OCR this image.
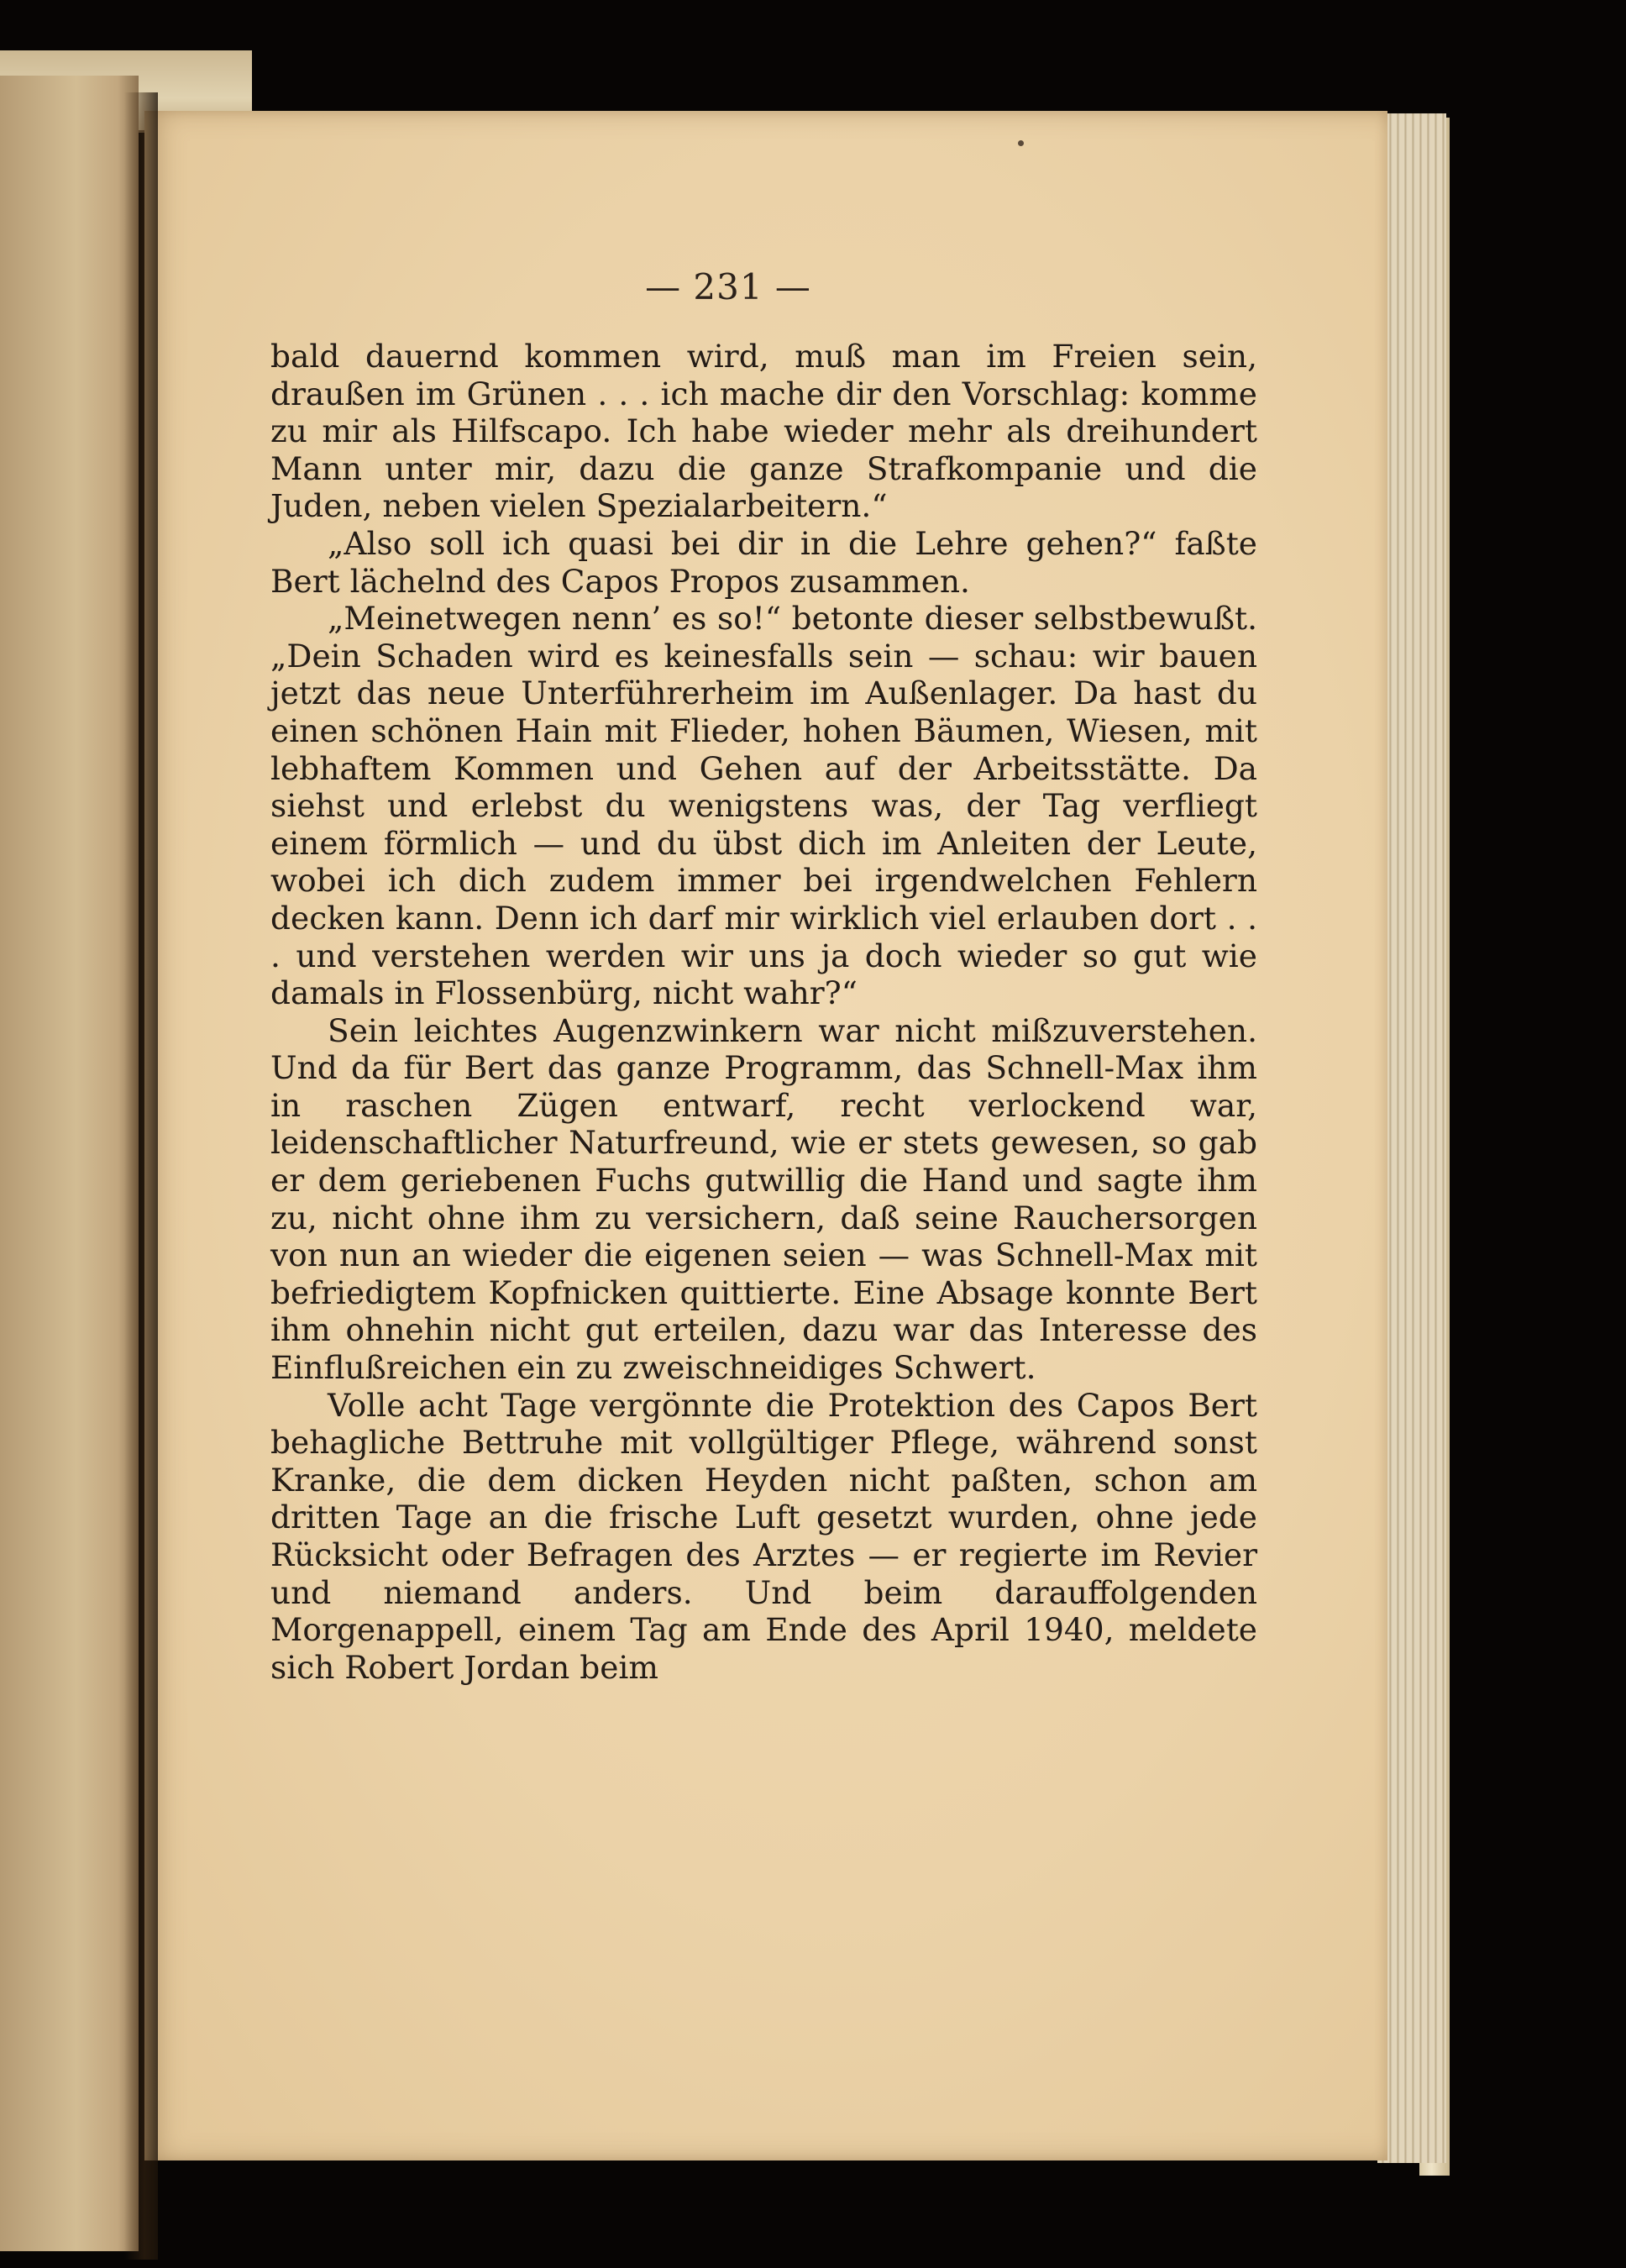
— 231 —

bald dauernd kommen wird, muß man im Freien sein, draußen im Grünen . . . ich mache dir den Vorschlag: komme zu mir als Hilfscapo. Ich habe wieder mehr als dreihundert Mann unter mir, dazu die ganze Strafkompanie und die Juden, neben vielen Spezialarbeitern.“

„Also soll ich quasi bei dir in die Lehre gehen?“ faßte Bert lächelnd des Capos Propos zusammen.

„Meinetwegen nenn’ es so!“ betonte dieser selbstbewußt. „Dein Schaden wird es keinesfalls sein — schau: wir bauen jetzt das neue Unterführerheim im Außenlager. Da hast du einen schönen Hain mit Flieder, hohen Bäumen, Wiesen, mit lebhaftem Kommen und Gehen auf der Arbeitsstätte. Da siehst und erlebst du wenigstens was, der Tag verfliegt einem förmlich — und du übst dich im Anleiten der Leute, wobei ich dich zudem immer bei irgendwelchen Fehlern decken kann. Denn ich darf mir wirklich viel erlauben dort . . . und verstehen werden wir uns ja doch wieder so gut wie damals in Flossenbürg, nicht wahr?“

Sein leichtes Augenzwinkern war nicht mißzuverstehen. Und da für Bert das ganze Programm, das Schnell-Max ihm in raschen Zügen entwarf, recht verlockend war, leidenschaftlicher Naturfreund, wie er stets gewesen, so gab er dem geriebenen Fuchs gutwillig die Hand und sagte ihm zu, nicht ohne ihm zu versichern, daß seine Rauchersorgen von nun an wieder die eigenen seien — was Schnell-Max mit befriedigtem Kopfnicken quittierte. Eine Absage konnte Bert ihm ohnehin nicht gut erteilen, dazu war das Interesse des Einflußreichen ein zu zweischneidiges Schwert.

Volle acht Tage vergönnte die Protektion des Capos Bert behagliche Bettruhe mit vollgültiger Pflege, während sonst Kranke, die dem dicken Heyden nicht paßten, schon am dritten Tage an die frische Luft gesetzt wurden, ohne jede Rücksicht oder Befragen des Arztes — er regierte im Revier und niemand anders. Und beim darauffolgenden Morgenappell, einem Tag am Ende des April 1940, meldete sich Robert Jordan beim
